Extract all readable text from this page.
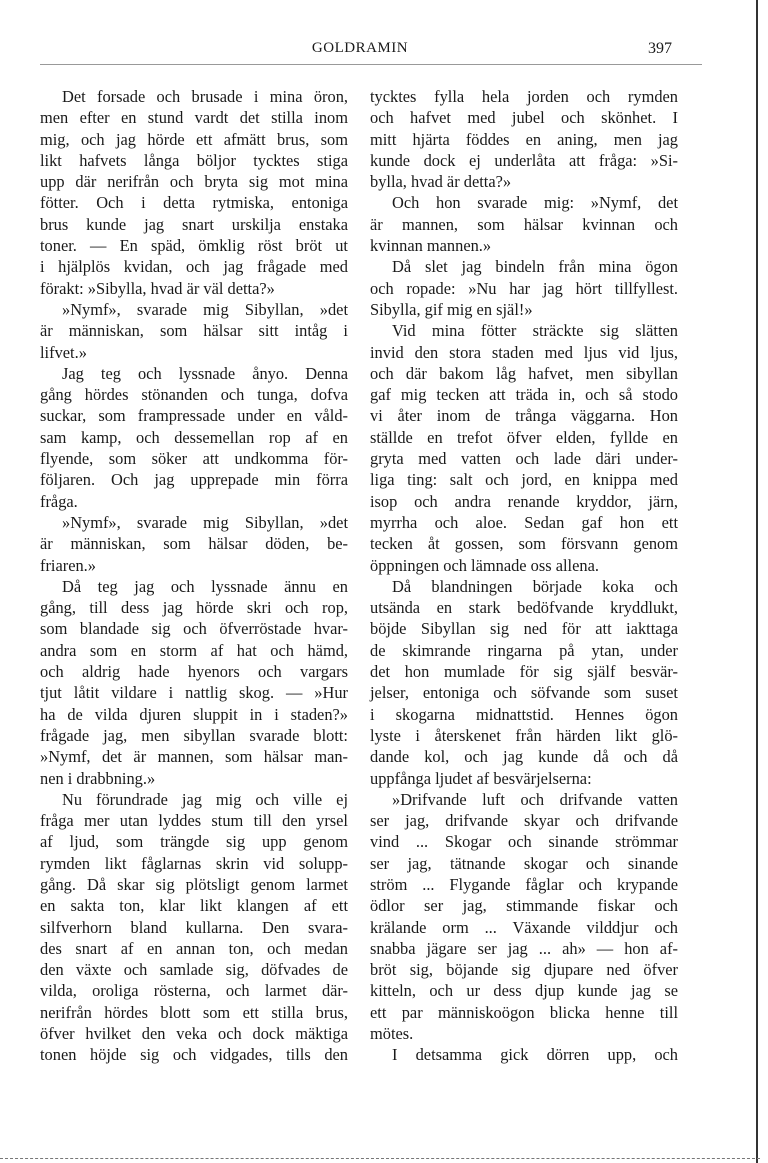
GOLDRAMIN	397
Det forsade och brusade i mina öron,
men efter en stund vardt det stilla inom
mig, och jag hörde ett afmätt brus, som
likt hafvets långa böljor tycktes stiga
upp där nerifrån och bryta sig mot mina
fötter. Och i detta rytmiska, entoniga
brus kunde jag snart urskilja enstaka
toner. — En späd, ömklig röst bröt ut
i hjälplös kvidan, och jag frågade med
förakt: »Sibylla, hvad är väl detta?»
»Nymf», svarade mig Sibyllan, »det
är människan, som hälsar sitt intåg i
lifvet.»
Jag teg och lyssnade ånyo. Denna
gång hördes stönanden och tunga, dofva
suckar, som frampressade under en våld-
sam kamp, och dessemellan rop af en
flyende, som söker att undkomma för-
följaren. Och jag upprepade min förra
fråga.
»Nymf», svarade mig Sibyllan, »det
är människan, som hälsar döden, be-
friaren.»
Då teg jag och lyssnade ännu en
gång, till dess jag hörde skri och rop,
som blandade sig och öfverröstade hvar-
andra som en storm af hat och hämd,
och aldrig hade hyenors och vargars
tjut låtit vildare i nattlig skog. — »Hur
ha de vilda djuren sluppit in i staden?»
frågade jag, men sibyllan svarade blott:
»Nymf, det är mannen, som hälsar man-
nen i drabbning.»
Nu förundrade jag mig och ville ej
fråga mer utan lyddes stum till den yrsel
af ljud, som trängde sig upp genom
rymden likt fåglarnas skrin vid solupp-
gång. Då skar sig plötsligt genom larmet
en sakta ton, klar likt klangen af ett
silfverhorn bland kullarna. Den svara-
des snart af en annan ton, och medan
den växte och samlade sig, döfvades de
vilda, oroliga rösterna, och larmet där-
nerifrån hördes blott som ett stilla brus,
öfver hvilket den veka och dock mäktiga
tonen höjde sig och vidgades, tills den
tycktes fylla hela jorden och rymden
och hafvet med jubel och skönhet. I
mitt hjärta föddes en aning, men jag
kunde dock ej underlåta att fråga: »Si-
bylla, hvad är detta?»
Och hon svarade mig: »Nymf, det
är mannen, som hälsar kvinnan och
kvinnan mannen.»
Då slet jag bindeln från mina ögon
och ropade: »Nu har jag hört tillfyllest.
Sibylla, gif mig en själ!»
Vid mina fötter sträckte sig slätten
invid den stora staden med ljus vid ljus,
och där bakom låg hafvet, men sibyllan
gaf mig tecken att träda in, och så stodo
vi åter inom de trånga väggarna. Hon
ställde en trefot öfver elden, fyllde en
gryta med vatten och lade däri under-
liga ting: salt och jord, en knippa med
isop och andra renande kryddor, järn,
myrrha och aloe. Sedan gaf hon ett
tecken åt gossen, som försvann genom
öppningen och lämnade oss allena.
Då blandningen började koka och
utsända en stark bedöfvande kryddlukt,
böjde Sibyllan sig ned för att iakttaga
de skimrande ringarna på ytan, under
det hon mumlade för sig själf besvär-
jelser, entoniga och söfvande som suset
i skogarna midnattstid. Hennes ögon
lyste i återskenet från härden likt glö-
dande kol, och jag kunde då och då
uppfånga ljudet af besvärjelserna:
»Drifvande luft och drifvande vatten
ser jag, drifvande skyar och drifvande
vind ... Skogar och sinande strömmar
ser jag, tätnande skogar och sinande
ström ... Flygande fåglar och krypande
ödlor ser jag, stimmande fiskar och
krälande orm ... Växande vilddjur och
snabba jägare ser jag ... ah» — hon af-
bröt sig, böjande sig djupare ned öfver
kitteln, och ur dess djup kunde jag se
ett par människoögon blicka henne till
mötes.
I detsamma gick dörren upp, och
